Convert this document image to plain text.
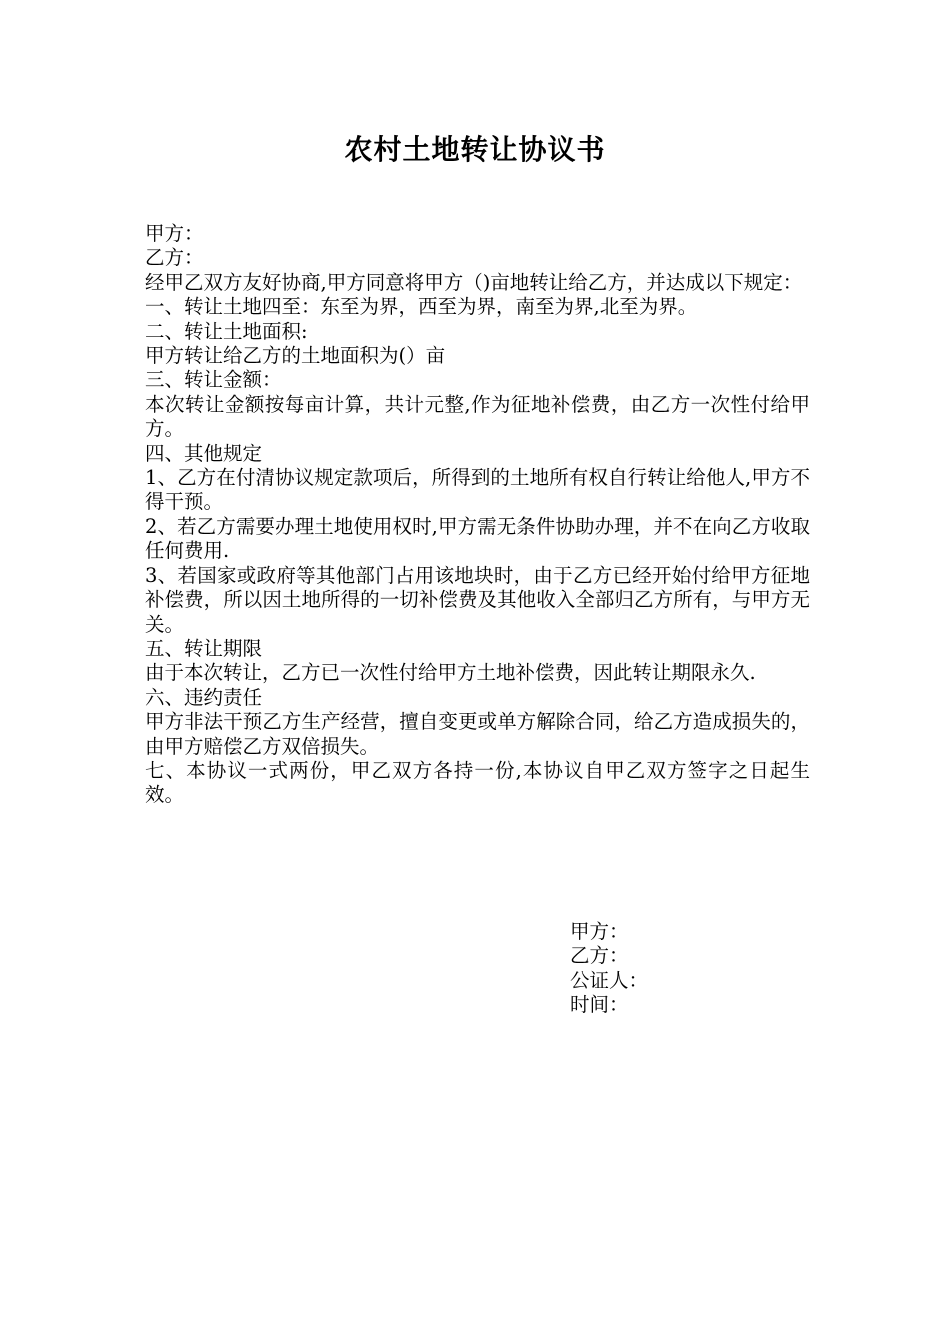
农村土地转让协议书

甲方：

乙方：

经甲乙双方友好协商,甲方同意将甲方（)亩地转让给乙方，并达成以下规定：

一、转让土地四至：东至为界，西至为界，南至为界,北至为界。

二、转让土地面积:

甲方转让给乙方的土地面积为(）亩

三、转让金额：

本次转让金额按每亩计算，共计元整,作为征地补偿费，由乙方一次性付给甲方。

四、其他规定

1、乙方在付清协议规定款项后，所得到的土地所有权自行转让给他人,甲方不得干预。

2、若乙方需要办理土地使用权时,甲方需无条件协助办理，并不在向乙方收取任何费用.

3、若国家或政府等其他部门占用该地块时，由于乙方已经开始付给甲方征地补偿费，所以因土地所得的一切补偿费及其他收入全部归乙方所有，与甲方无关。

五、转让期限

由于本次转让，乙方已一次性付给甲方土地补偿费，因此转让期限永久.

六、违约责任

甲方非法干预乙方生产经营，擅自变更或单方解除合同，给乙方造成损失的，由甲方赔偿乙方双倍损失。

七、本协议一式两份，甲乙双方各持一份,本协议自甲乙双方签字之日起生效。

甲方：

乙方：

公证人：

时间：
